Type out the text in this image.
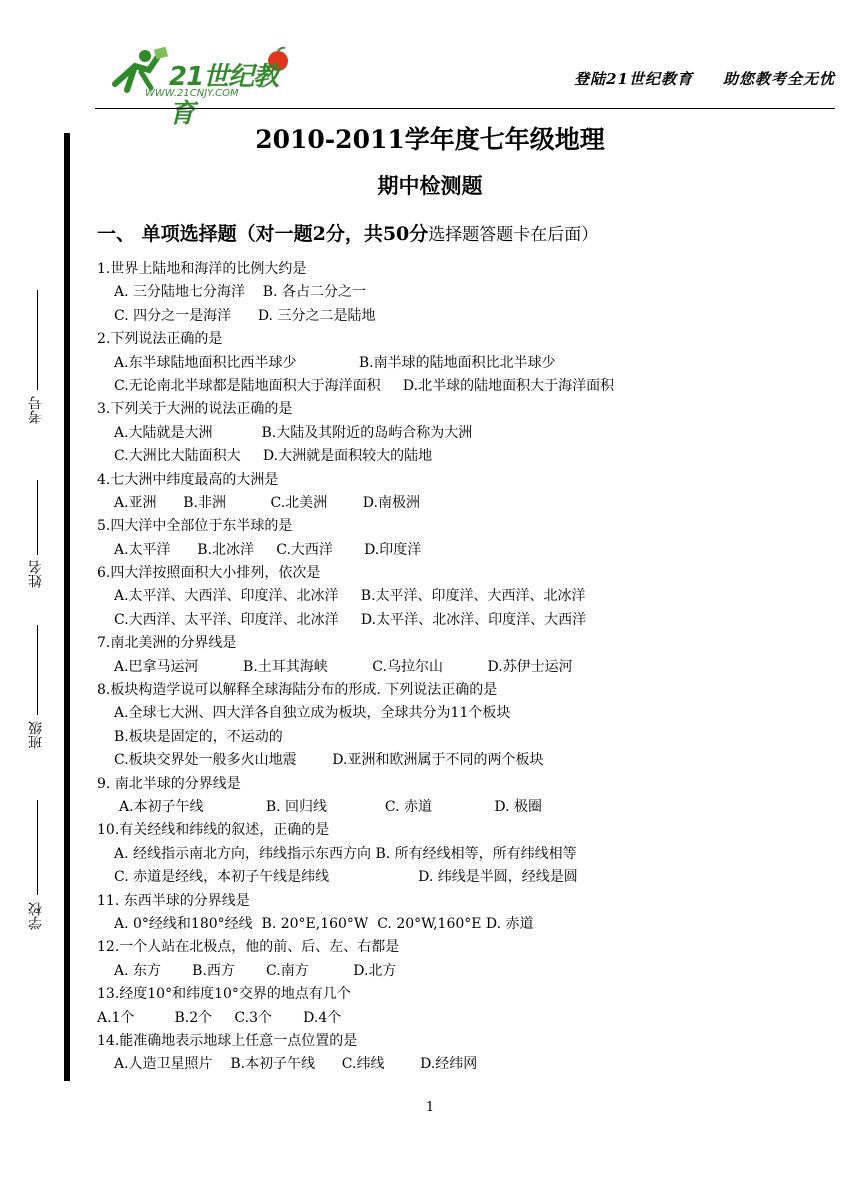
21世纪教育
WWW.21CNJY.COM
登陆21世纪教育 助您教考全无忧
考号
姓名
班级
学校
2010-2011学年度七年级地理
期中检测题
一、 单项选择题（对一题2分，共50分选择题答题卡在后面）
1.世界上陆地和海洋的比例大约是
A. 三分陆地七分海洋    B. 各占二分之一
C. 四分之一是海洋      D. 三分之二是陆地
2.下列说法正确的是
A.东半球陆地面积比西半球少              B.南半球的陆地面积比北半球少
C.无论南北半球都是陆地面积大于海洋面积     D.北半球的陆地面积大于海洋面积
3.下列关于大洲的说法正确的是
A.大陆就是大洲           B.大陆及其附近的岛屿合称为大洲
C.大洲比大陆面积大     D.大洲就是面积较大的陆地
4.七大洲中纬度最高的大洲是
A.亚洲      B.非洲          C.北美洲        D.南极洲
5.四大洋中全部位于东半球的是
A.太平洋      B.北冰洋     C.大西洋       D.印度洋
6.四大洋按照面积大小排列，依次是
A.太平洋、大西洋、印度洋、北冰洋     B.太平洋、印度洋、大西洋、北冰洋
C.大西洋、太平洋、印度洋、北冰洋     D.太平洋、北冰洋、印度洋、大西洋
7.南北美洲的分界线是
A.巴拿马运河          B.土耳其海峡          C.乌拉尔山          D.苏伊士运河
8.板块构造学说可以解释全球海陆分布的形成. 下列说法正确的是
A.全球七大洲、四大洋各自独立成为板块，全球共分为11个板块
B.板块是固定的，不运动的
C.板块交界处一般多火山地震        D.亚洲和欧洲属于不同的两个板块
9. 南北半球的分界线是
A.本初子午线              B. 回归线             C. 赤道              D. 极圈
10.有关经线和纬线的叙述，正确的是
A. 经线指示南北方向，纬线指示东西方向 B. 所有经线相等，所有纬线相等
C. 赤道是经线，本初子午线是纬线                    D. 纬线是半圆，经线是圆
11. 东西半球的分界线是
A. 0°经线和180°经线  B. 20°E,160°W  C. 20°W,160°E D. 赤道
12.一个人站在北极点，他的前、后、左、右都是
A. 东方       B.西方       C.南方          D.北方
13.经度10°和纬度10°交界的地点有几个
A.1个         B.2个     C.3个       D.4个
14.能准确地表示地球上任意一点位置的是
A.人造卫星照片    B.本初子午线      C.纬线        D.经纬网
1
